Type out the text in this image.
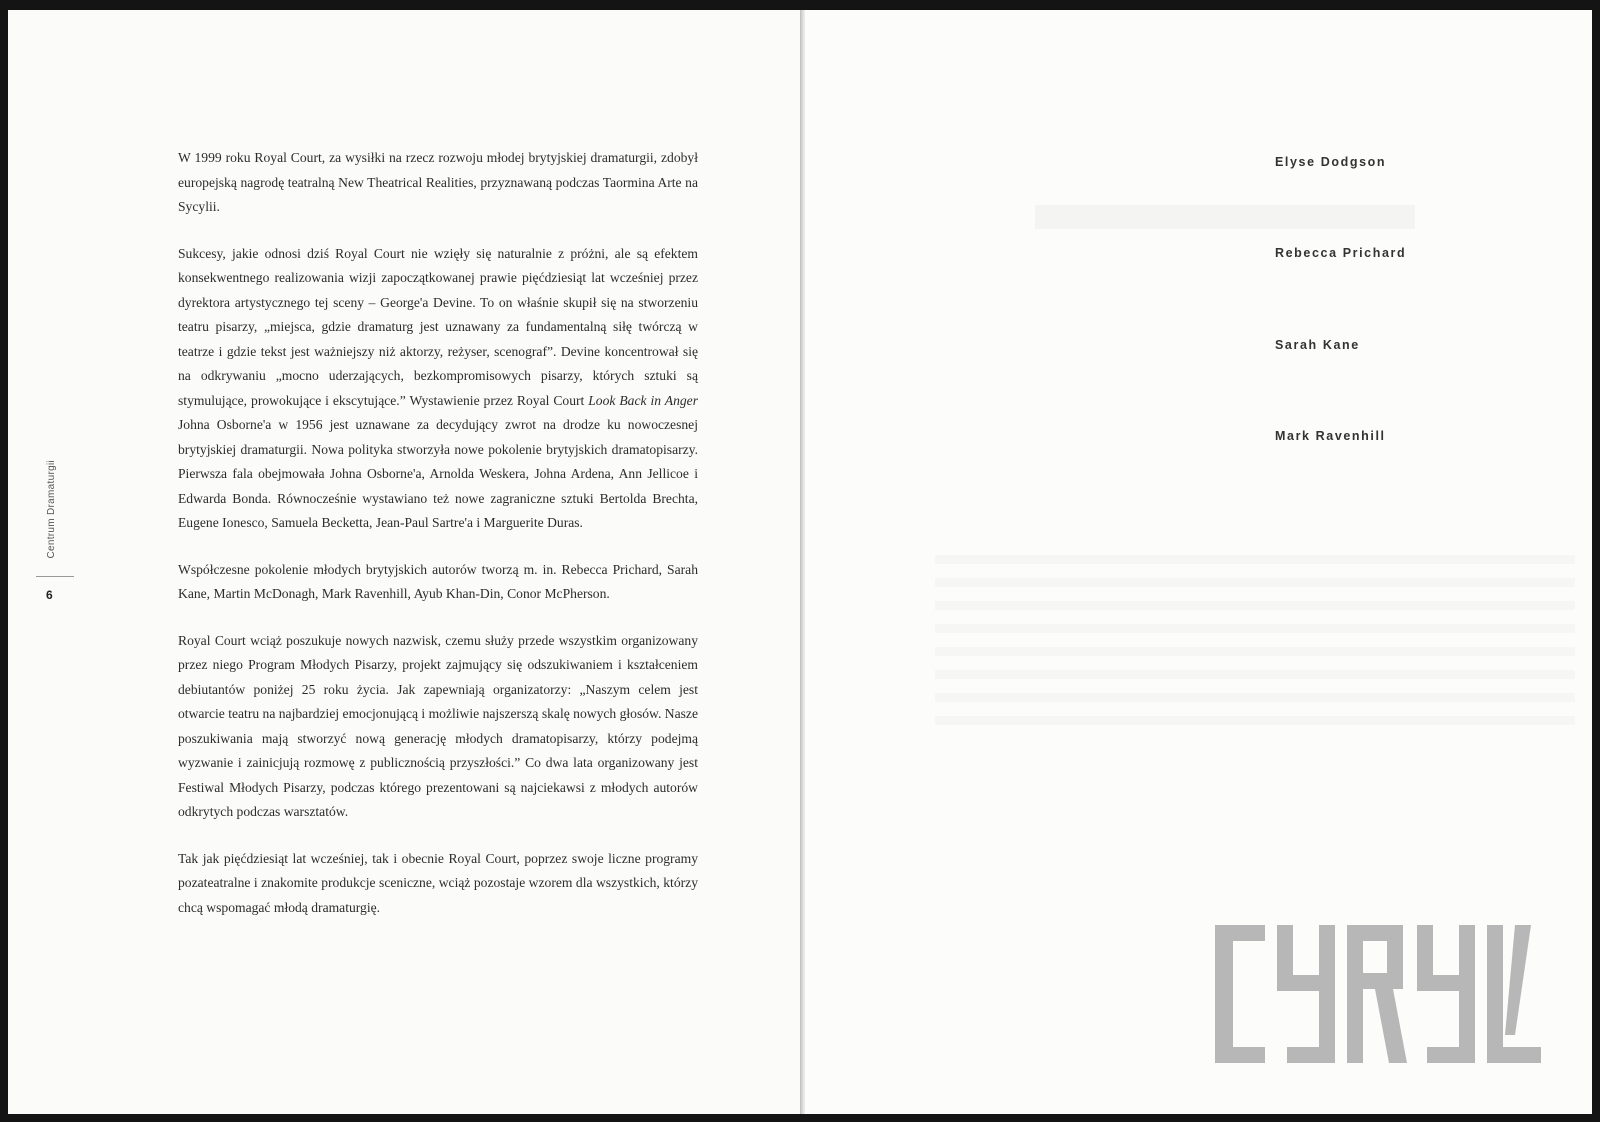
W 1999 roku Royal Court, za wysiłki na rzecz rozwoju młodej brytyjskiej dramaturgii, zdobył europejską nagrodę teatralną New Theatrical Realities, przyznawaną podczas Taormina Arte na Sycylii.

Sukcesy, jakie odnosi dziś Royal Court nie wzięły się naturalnie z próżni, ale są efektem konsekwentnego realizowania wizji zapoczątkowanej prawie pięćdziesiąt lat wcześniej przez dyrektora artystycznego tej sceny – George'a Devine. To on właśnie skupił się na stworzeniu teatru pisarzy, „miejsca, gdzie dramaturg jest uznawany za fundamentalną siłę twórczą w teatrze i gdzie tekst jest ważniejszy niż aktorzy, reżyser, scenograf”. Devine koncentrował się na odkrywaniu „mocno uderzających, bezkompromisowych pisarzy, których sztuki są stymulujące, prowokujące i ekscytujące.” Wystawienie przez Royal Court Look Back in Anger Johna Osborne'a w 1956 jest uznawane za decydujący zwrot na drodze ku nowoczesnej brytyjskiej dramaturgii. Nowa polityka stworzyła nowe pokolenie brytyjskich dramatopisarzy. Pierwsza fala obejmowała Johna Osborne'a, Arnolda Weskera, Johna Ardena, Ann Jellicoe i Edwarda Bonda. Równocześnie wystawiano też nowe zagraniczne sztuki Bertolda Brechta, Eugene Ionesco, Samuela Becketta, Jean-Paul Sartre'a i Marguerite Duras.

Współczesne pokolenie młodych brytyjskich autorów tworzą m. in. Rebecca Prichard, Sarah Kane, Martin McDonagh, Mark Ravenhill, Ayub Khan-Din, Conor McPherson.

Royal Court wciąż poszukuje nowych nazwisk, czemu służy przede wszystkim organizowany przez niego Program Młodych Pisarzy, projekt zajmujący się odszukiwaniem i kształceniem debiutantów poniżej 25 roku życia. Jak zapewniają organizatorzy: „Naszym celem jest otwarcie teatru na najbardziej emocjonującą i możliwie najszerszą skalę nowych głosów. Nasze poszukiwania mają stworzyć nową generację młodych dramatopisarzy, którzy podejmą wyzwanie i zainicjują rozmowę z publicznością przyszłości.” Co dwa lata organizowany jest Festiwal Młodych Pisarzy, podczas którego prezentowani są najciekawsi z młodych autorów odkrytych podczas warsztatów.

Tak jak pięćdziesiąt lat wcześniej, tak i obecnie Royal Court, poprzez swoje liczne programy pozateatralne i znakomite produkcje sceniczne, wciąż pozostaje wzorem dla wszystkich, którzy chcą wspomagać młodą dramaturgię.

Centrum Dramaturgii
6
Elyse Dodgson
Rebecca Prichard
Sarah Kane
Mark Ravenhill
